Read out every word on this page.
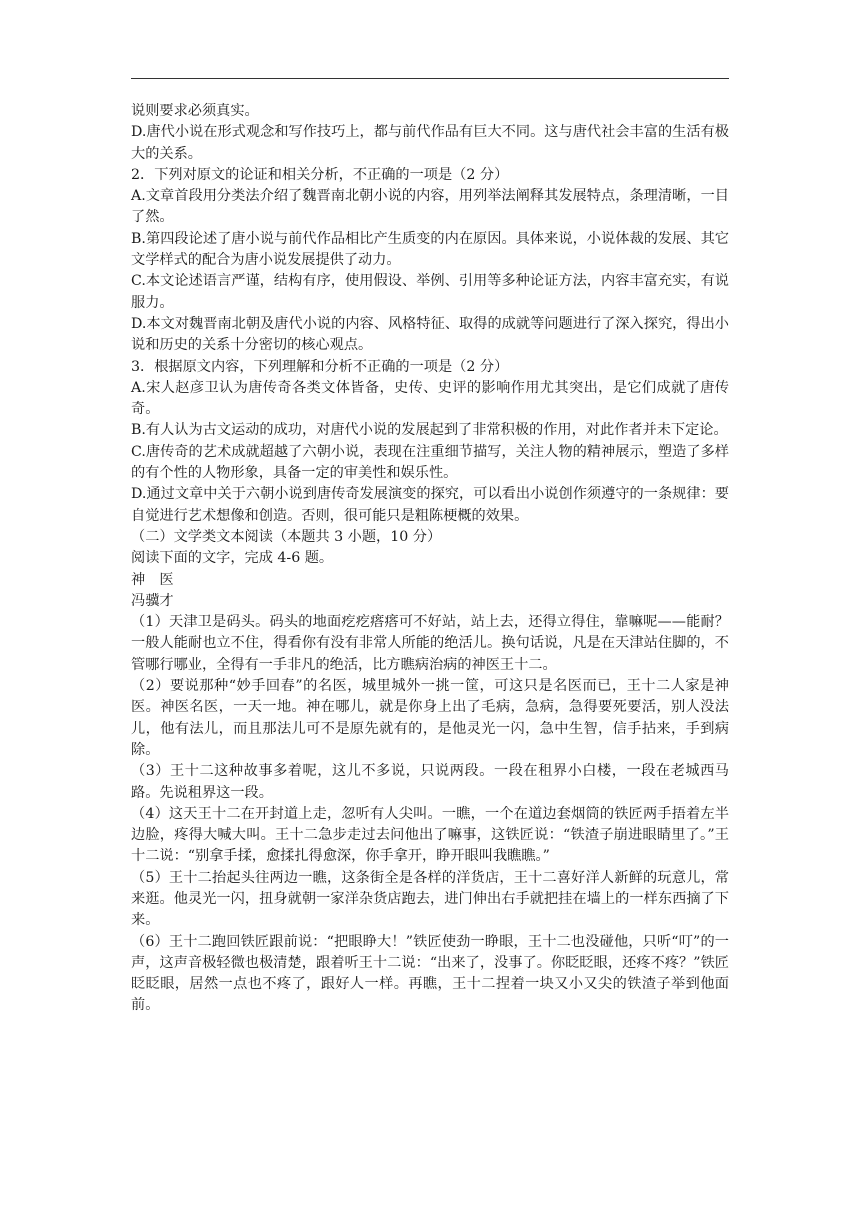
说则要求必须真实。

D.唐代小说在形式观念和写作技巧上，都与前代作品有巨大不同。这与唐代社会丰富的生活有极大的关系。

2．下列对原文的论证和相关分析，不正确的一项是（2 分）

A.文章首段用分类法介绍了魏晋南北朝小说的内容，用列举法阐释其发展特点，条理清晰，一目了然。

B.第四段论述了唐小说与前代作品相比产生质变的内在原因。具体来说，小说体裁的发展、其它文学样式的配合为唐小说发展提供了动力。

C.本文论述语言严谨，结构有序，使用假设、举例、引用等多种论证方法，内容丰富充实，有说服力。

D.本文对魏晋南北朝及唐代小说的内容、风格特征、取得的成就等问题进行了深入探究，得出小说和历史的关系十分密切的核心观点。

3．根据原文内容，下列理解和分析不正确的一项是（2 分）

A.宋人赵彦卫认为唐传奇各类文体皆备，史传、史评的影响作用尤其突出，是它们成就了唐传奇。

B.有人认为古文运动的成功，对唐代小说的发展起到了非常积极的作用，对此作者并未下定论。

C.唐传奇的艺术成就超越了六朝小说，表现在注重细节描写，关注人物的精神展示，塑造了多样的有个性的人物形象，具备一定的审美性和娱乐性。

D.通过文章中关于六朝小说到唐传奇发展演变的探究，可以看出小说创作须遵守的一条规律：要自觉进行艺术想像和创造。否则，很可能只是粗陈梗概的效果。

（二）文学类文本阅读（本题共 3 小题，10 分）

阅读下面的文字，完成 4-6 题。

神　医

冯骥才

（1）天津卫是码头。码头的地面疙疙瘩瘩可不好站，站上去，还得立得住，靠嘛呢——能耐？一般人能耐也立不住，得看你有没有非常人所能的绝活儿。换句话说，凡是在天津站住脚的，不管哪行哪业，全得有一手非凡的绝活，比方瞧病治病的神医王十二。

（2）要说那种“妙手回春”的名医，城里城外一挑一筐，可这只是名医而已，王十二人家是神医。神医名医，一天一地。神在哪儿，就是你身上出了毛病，急病，急得要死要活，别人没法儿，他有法儿，而且那法儿可不是原先就有的，是他灵光一闪，急中生智，信手拈来，手到病除。

（3）王十二这种故事多着呢，这儿不多说，只说两段。一段在租界小白楼，一段在老城西马路。先说租界这一段。

（4）这天王十二在开封道上走，忽听有人尖叫。一瞧，一个在道边套烟筒的铁匠两手捂着左半边脸，疼得大喊大叫。王十二急步走过去问他出了嘛事，这铁匠说：“铁渣子崩进眼睛里了。”王十二说：“别拿手揉，愈揉扎得愈深，你手拿开，睁开眼叫我瞧瞧。”

（5）王十二抬起头往两边一瞧，这条街全是各样的洋货店，王十二喜好洋人新鲜的玩意儿，常来逛。他灵光一闪，扭身就朝一家洋杂货店跑去，进门伸出右手就把挂在墙上的一样东西摘了下来。

（6）王十二跑回铁匠跟前说：“把眼睁大！”铁匠使劲一睁眼，王十二也没碰他，只听“叮”的一声，这声音极轻微也极清楚，跟着听王十二说：“出来了，没事了。你眨眨眼，还疼不疼？”铁匠眨眨眼，居然一点也不疼了，跟好人一样。再瞧，王十二捏着一块又小又尖的铁渣子举到他面前。
